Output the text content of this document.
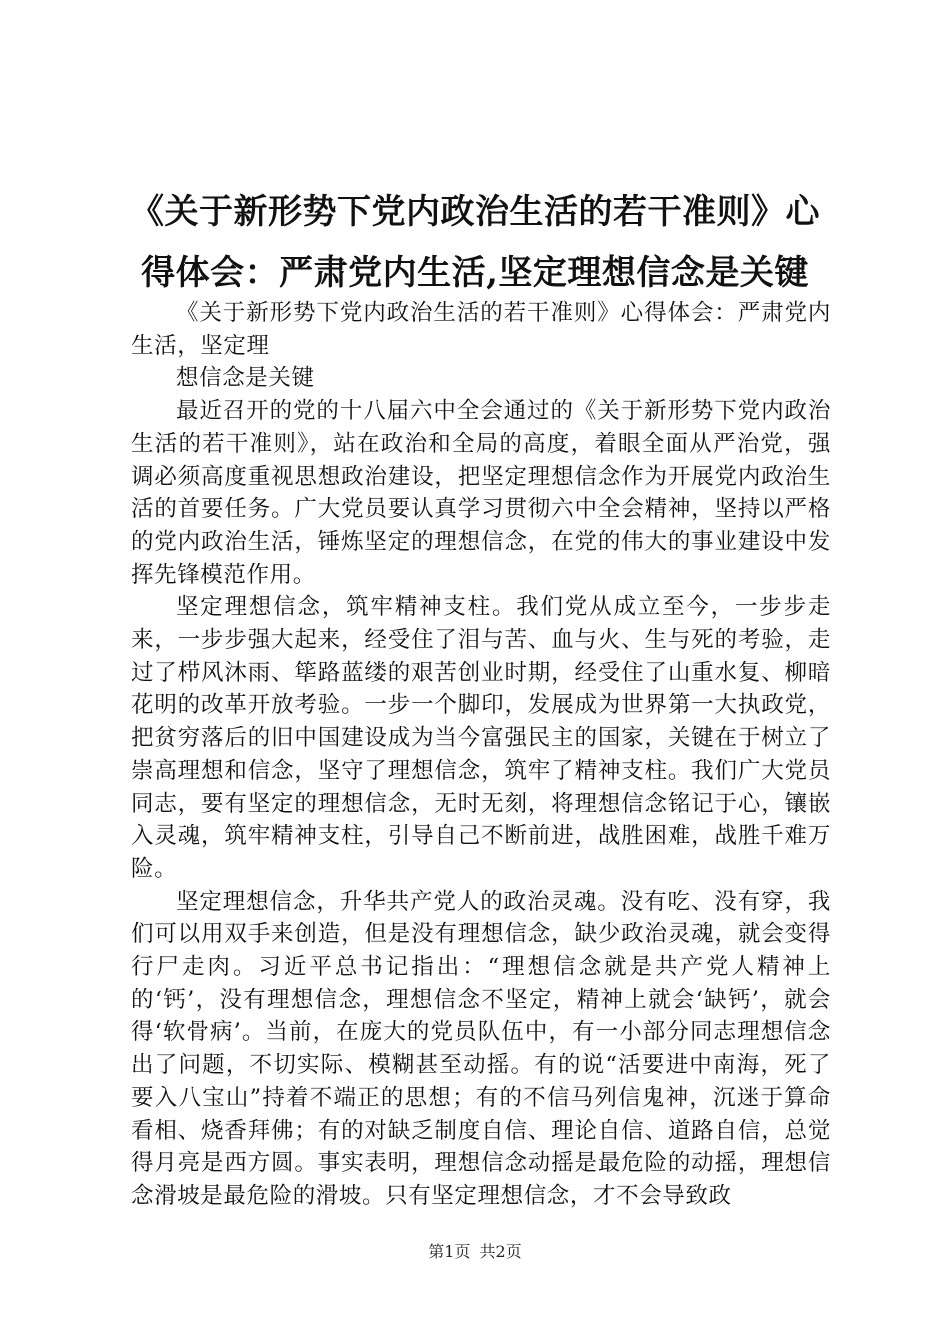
《关于新形势下党内政治生活的若干准则》心得体会：严肃党内生活,坚定理想信念是关键

《关于新形势下党内政治生活的若干准则》心得体会：严肃党内生活，坚定理

想信念是关键

最近召开的党的十八届六中全会通过的《关于新形势下党内政治生活的若干准则》，站在政治和全局的高度，着眼全面从严治党，强调必须高度重视思想政治建设，把坚定理想信念作为开展党内政治生活的首要任务。广大党员要认真学习贯彻六中全会精神，坚持以严格的党内政治生活，锤炼坚定的理想信念，在党的伟大的事业建设中发挥先锋模范作用。

坚定理想信念，筑牢精神支柱。我们党从成立至今，一步步走来，一步步强大起来，经受住了泪与苦、血与火、生与死的考验，走过了栉风沐雨、筚路蓝缕的艰苦创业时期，经受住了山重水复、柳暗花明的改革开放考验。一步一个脚印，发展成为世界第一大执政党，把贫穷落后的旧中国建设成为当今富强民主的国家，关键在于树立了崇高理想和信念，坚守了理想信念，筑牢了精神支柱。我们广大党员同志，要有坚定的理想信念，无时无刻，将理想信念铭记于心，镶嵌入灵魂，筑牢精神支柱，引导自己不断前进，战胜困难，战胜千难万险。

坚定理想信念，升华共产党人的政治灵魂。没有吃、没有穿，我们可以用双手来创造，但是没有理想信念，缺少政治灵魂，就会变得行尸走肉。习近平总书记指出：“理想信念就是共产党人精神上的‘钙’，没有理想信念，理想信念不坚定，精神上就会‘缺钙’，就会得‘软骨病’。当前，在庞大的党员队伍中，有一小部分同志理想信念出了问题，不切实际、模糊甚至动摇。有的说“活要进中南海，死了要入八宝山”持着不端正的思想；有的不信马列信鬼神，沉迷于算命看相、烧香拜佛；有的对缺乏制度自信、理论自信、道路自信，总觉得月亮是西方圆。事实表明，理想信念动摇是最危险的动摇，理想信念滑坡是最危险的滑坡。只有坚定理想信念，才不会导致政

第1页 共2页
